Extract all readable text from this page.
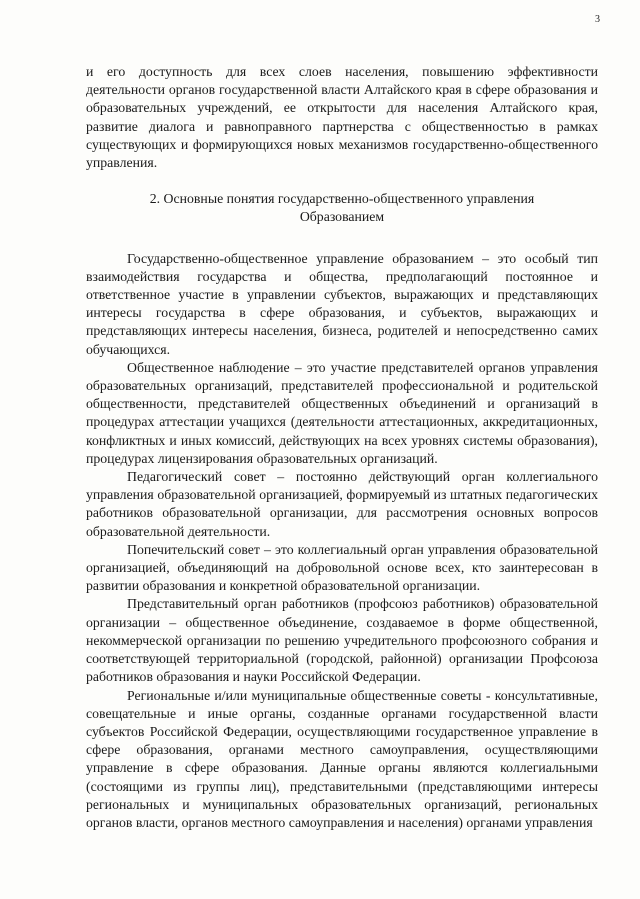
3

и его доступность для всех слоев населения, повышению эффективности деятельности органов государственной власти Алтайского края в сфере образования и образовательных учреждений, ее открытости для населения Алтайского края, развитие диалога и равноправного партнерства с общественностью в рамках существующих и формирующихся новых механизмов государственно-общественного управления.

2. Основные понятия государственно-общественного управления
Образованием

Государственно-общественное управление образованием – это особый тип взаимодействия государства и общества, предполагающий постоянное и ответственное участие в управлении субъектов, выражающих и представляющих интересы государства в сфере образования, и субъектов, выражающих и представляющих интересы населения, бизнеса, родителей и непосредственно самих обучающихся.

Общественное наблюдение – это участие представителей органов управления образовательных организаций, представителей профессиональной и родительской общественности, представителей общественных объединений и организаций в процедурах аттестации учащихся (деятельности аттестационных, аккредитационных, конфликтных и иных комиссий, действующих на всех уровнях системы образования), процедурах лицензирования образовательных организаций.

Педагогический совет – постоянно действующий орган коллегиального управления образовательной организацией, формируемый из штатных педагогических работников образовательной организации, для рассмотрения основных вопросов образовательной деятельности.

Попечительский совет – это коллегиальный орган управления образовательной организацией, объединяющий на добровольной основе всех, кто заинтересован в развитии образования и конкретной образовательной организации.

Представительный орган работников (профсоюз работников) образовательной организации – общественное объединение, создаваемое в форме общественной, некоммерческой организации по решению учредительного профсоюзного собрания и соответствующей территориальной (городской, районной) организации Профсоюза работников образования и науки Российской Федерации.

Региональные и/или муниципальные общественные советы - консультативные, совещательные и иные органы, созданные органами государственной власти субъектов Российской Федерации, осуществляющими государственное управление в сфере образования, органами местного самоуправления, осуществляющими управление в сфере образования. Данные органы являются коллегиальными (состоящими из группы лиц), представительными (представляющими интересы региональных и муниципальных образовательных организаций, региональных органов власти, органов местного самоуправления и населения) органами управления
